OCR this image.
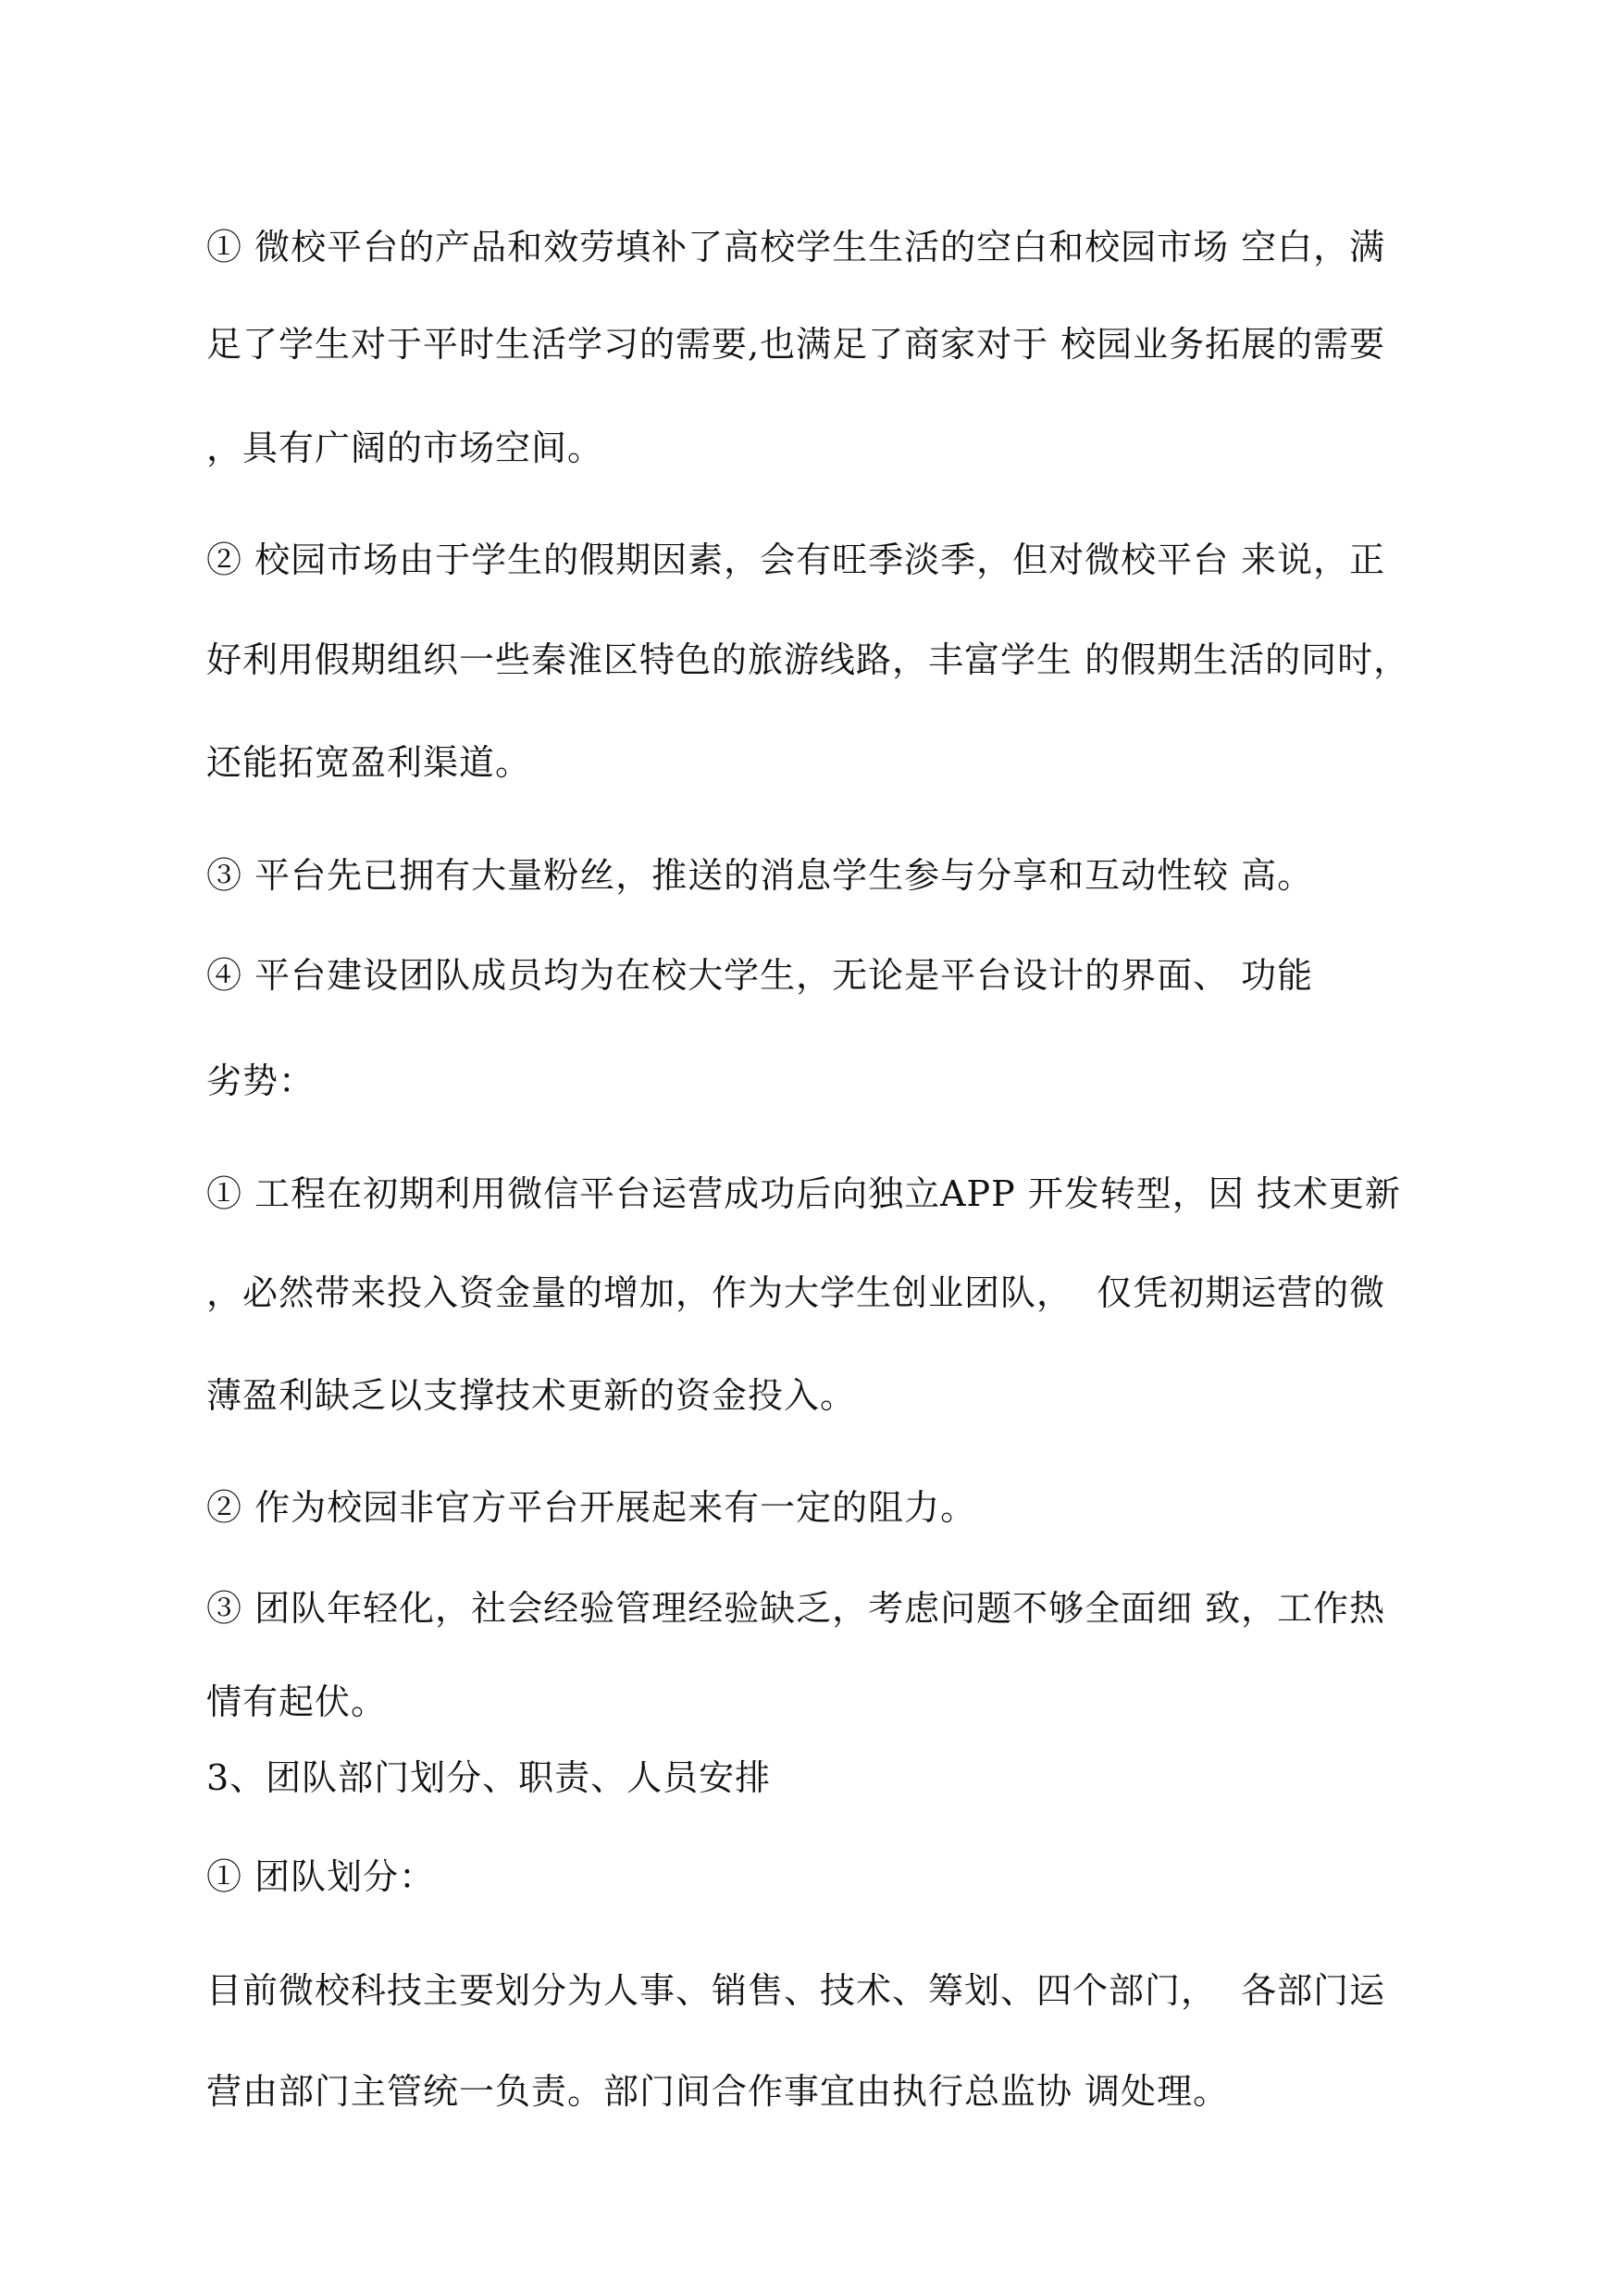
① 微校平台的产品和效劳填补了高校学生生活的空白和校园市场 空白，满
足了学生对于平时生活学习的需要,也满足了商家对于 校园业务拓展的需要
，具有广阔的市场空间。
② 校园市场由于学生的假期因素，会有旺季淡季，但对微校平台 来说，正
好利用假期组织一些秦淮区特色的旅游线路，丰富学生 的假期生活的同时，
还能拓宽盈利渠道。
③ 平台先已拥有大量粉丝，推送的消息学生参与分享和互动性较 高。
④ 平台建设团队成员均为在校大学生，无论是平台设计的界面、 功能
劣势：
① 工程在初期利用微信平台运营成功后向独立APP 开发转型，因 技术更新
，必然带来投入资金量的增加，作为大学生创业团队，  仅凭初期运营的微
薄盈利缺乏以支撑技术更新的资金投入。
② 作为校园非官方平台开展起来有一定的阻力。
③ 团队年轻化，社会经验管理经验缺乏，考虑问题不够全面细 致，工作热
情有起伏。
3、团队部门划分、职责、人员安排
① 团队划分：
目前微校科技主要划分为人事、销售、技术、筹划、四个部门，  各部门运
营由部门主管统一负责。部门间合作事宜由执行总监协 调处理。
